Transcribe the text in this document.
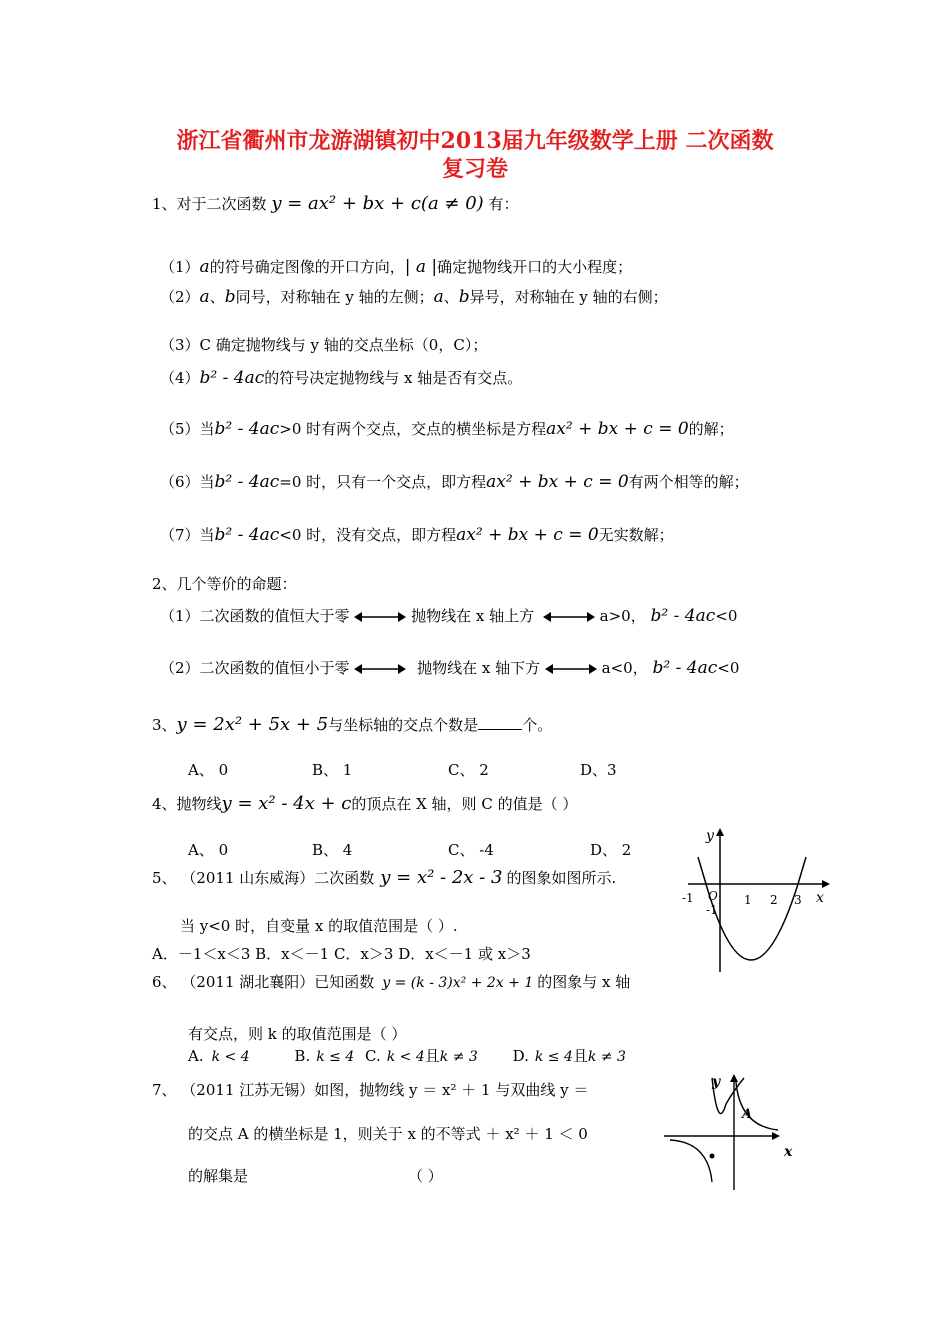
浙江省衢州市龙游湖镇初中2013届九年级数学上册 二次函数
复习卷
1、对于二次函数 y = ax² + bx + c(a ≠ 0) 有：
（1）a的符号确定图像的开口方向，| a |确定抛物线开口的大小程度；
（2）a、b同号，对称轴在 y 轴的左侧；a、b异号，对称轴在 y 轴的右侧；
（3）C 确定抛物线与 y 轴的交点坐标（0，C）；
（4）b² - 4ac的符号决定抛物线与 x 轴是否有交点。
（5）当b² - 4ac>0 时有两个交点，交点的横坐标是方程ax² + bx + c = 0的解；
（6）当b² - 4ac=0 时，只有一个交点，即方程ax² + bx + c = 0有两个相等的解；
（7）当b² - 4ac<0 时，没有交点，即方程ax² + bx + c = 0无实数解；
2、几个等价的命题：
（1）二次函数的值恒大于零	抛物线在 x 轴上方	a>0， b² - 4ac<0
（2）二次函数的值恒小于零	抛物线在 x 轴下方	a<0， b² - 4ac<0
3、y = 2x² + 5x + 5与坐标轴的交点个数是	个。
A、 0	B、 1	C、 2	D、3
4、抛物线y = x² - 4x + c的顶点在 X 轴，则 C 的值是（ ）
A、 0	B、 4	C、 -4	D、 2
5、 （2011 山东威海）二次函数 y = x² - 2x - 3 的图象如图所示.
当 y<0 时，自变量 x 的取值范围是（ ）.
A．－1＜x＜3 B．x＜－1 C．x＞3 D．x＜－1 或 x＞3
y
x
O
-1	1 2 3
-1
6、 （2011 湖北襄阳）已知函数 y = (k - 3)x² + 2x + 1 的图象与 x 轴
有交点，则 k 的取值范围是（ ）
A. k < 4	B. k ≤ 4 C. k < 4且k ≠ 3 D. k ≤ 4且k ≠ 3
7、 （2011 江苏无锡）如图，抛物线 y ＝ x² ＋ 1 与双曲线 y ＝
的交点 A 的横坐标是 1，则关于 x 的不等式 ＋ x² ＋ 1 ＜ 0
的解集是	（ ）
y
x
A
